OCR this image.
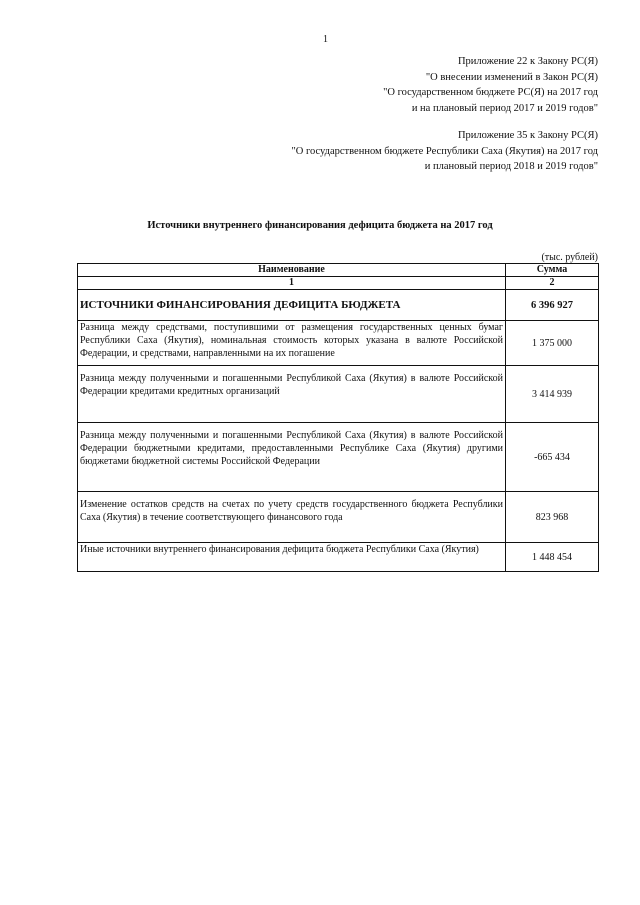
1
Приложение 22 к Закону РС(Я)
"О внесении изменений в Закон РС(Я)
"О государственном бюджете РС(Я) на 2017 год
и на плановый период 2017 и 2019 годов"
Приложение 35 к Закону РС(Я)
"О государственном бюджете Республики Саха (Якутия) на 2017 год
и плановый период 2018 и 2019 годов"
Источники внутреннего финансирования дефицита бюджета на 2017 год
(тыс. рублей)
Наименование	Сумма
1	2
ИСТОЧНИКИ ФИНАНСИРОВАНИЯ ДЕФИЦИТА БЮДЖЕТА	6 396 927
Разница между средствами, поступившими от размещения государственных ценных бумаг Республики Саха (Якутия), номинальная стоимость которых указана в валюте Российской Федерации, и средствами, направленными на их погашение	1 375 000
Разница между полученными и погашенными Республикой Саха (Якутия) в валюте Российской Федерации кредитами кредитных организаций	3 414 939
Разница между полученными и погашенными Республикой Саха (Якутия) в валюте Российской Федерации бюджетными кредитами, предоставленными Республике Саха (Якутия) другими бюджетами бюджетной системы Российской Федерации	-665 434
Изменение остатков средств на счетах по учету средств государственного бюджета Республики Саха (Якутия) в течение соответствующего финансового года	823 968
Иные источники внутреннего финансирования дефицита бюджета Республики Саха (Якутия)	1 448 454
